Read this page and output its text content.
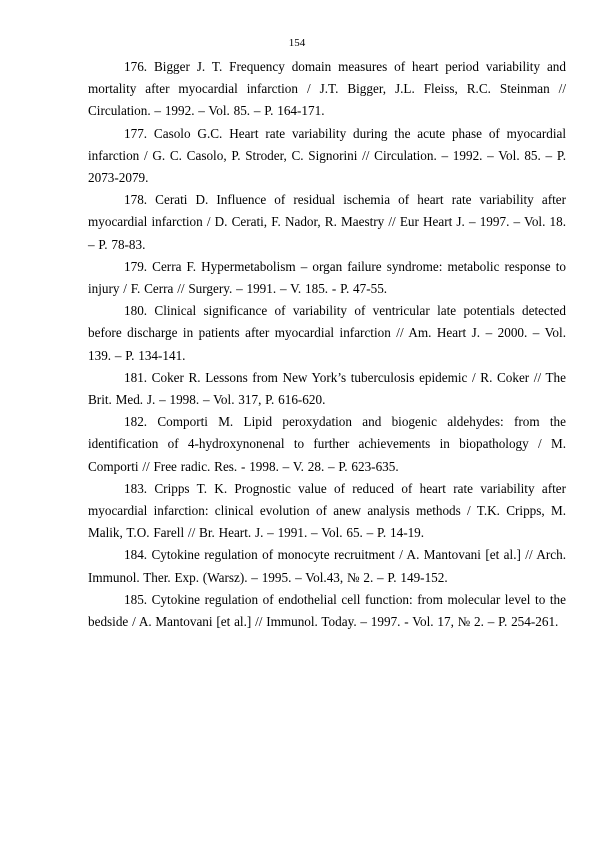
154

176. Bigger J. T. Frequency domain measures of heart period variability and mortality after myocardial infarction / J.T. Bigger, J.L. Fleiss, R.C. Steinman // Circulation. – 1992. – Vol. 85. – P. 164-171.

177. Casolo G.C. Heart rate variability during the acute phase of myocardial infarction / G. C. Casolo, P. Stroder, C. Signorini // Circulation. – 1992. – Vol. 85. – P. 2073-2079.

178. Cerati D. Influence of residual ischemia of heart rate variability after myocardial infarction / D. Cerati, F. Nador, R. Maestry // Eur Heart J. – 1997. – Vol. 18. – P. 78-83.

179. Cerra F. Hypermetabolism – organ failure syndrome: metabolic response to injury / F. Cerra // Surgery. – 1991. – V. 185. - P. 47-55.

180. Clinical significance of variability of ventricular late potentials detected before discharge in patients after myocardial infarction // Am. Heart J. – 2000. – Vol. 139. – P. 134-141.

181. Coker R. Lessons from New York’s tuberculosis epidemic / R. Coker // The Brit. Med. J. – 1998. – Vol. 317, P. 616-620.

182. Comporti M. Lipid peroxydation and biogenic aldehydes: from the identification of 4-hydroxynonenal to further achievements in biopathology / M. Comporti // Free radic. Res. - 1998. – V. 28. – P. 623-635.

183. Cripps T. K. Prognostic value of reduced of heart rate variability after myocardial infarction: clinical evolution of anew analysis methods / T.K. Cripps, M. Malik, T.O. Farell // Br. Heart. J. – 1991. – Vol. 65. – P. 14-19.

184. Cytokine regulation of monocyte recruitment / A. Mantovani [et al.] // Arch. Immunol. Ther. Exp. (Warsz). – 1995. – Vol.43, № 2. – P. 149-152.

185. Cytokine regulation of endothelial cell function: from molecular level to the bedside / A. Mantovani [et al.] // Immunol. Today. – 1997. - Vol. 17, № 2. – P. 254-261.
